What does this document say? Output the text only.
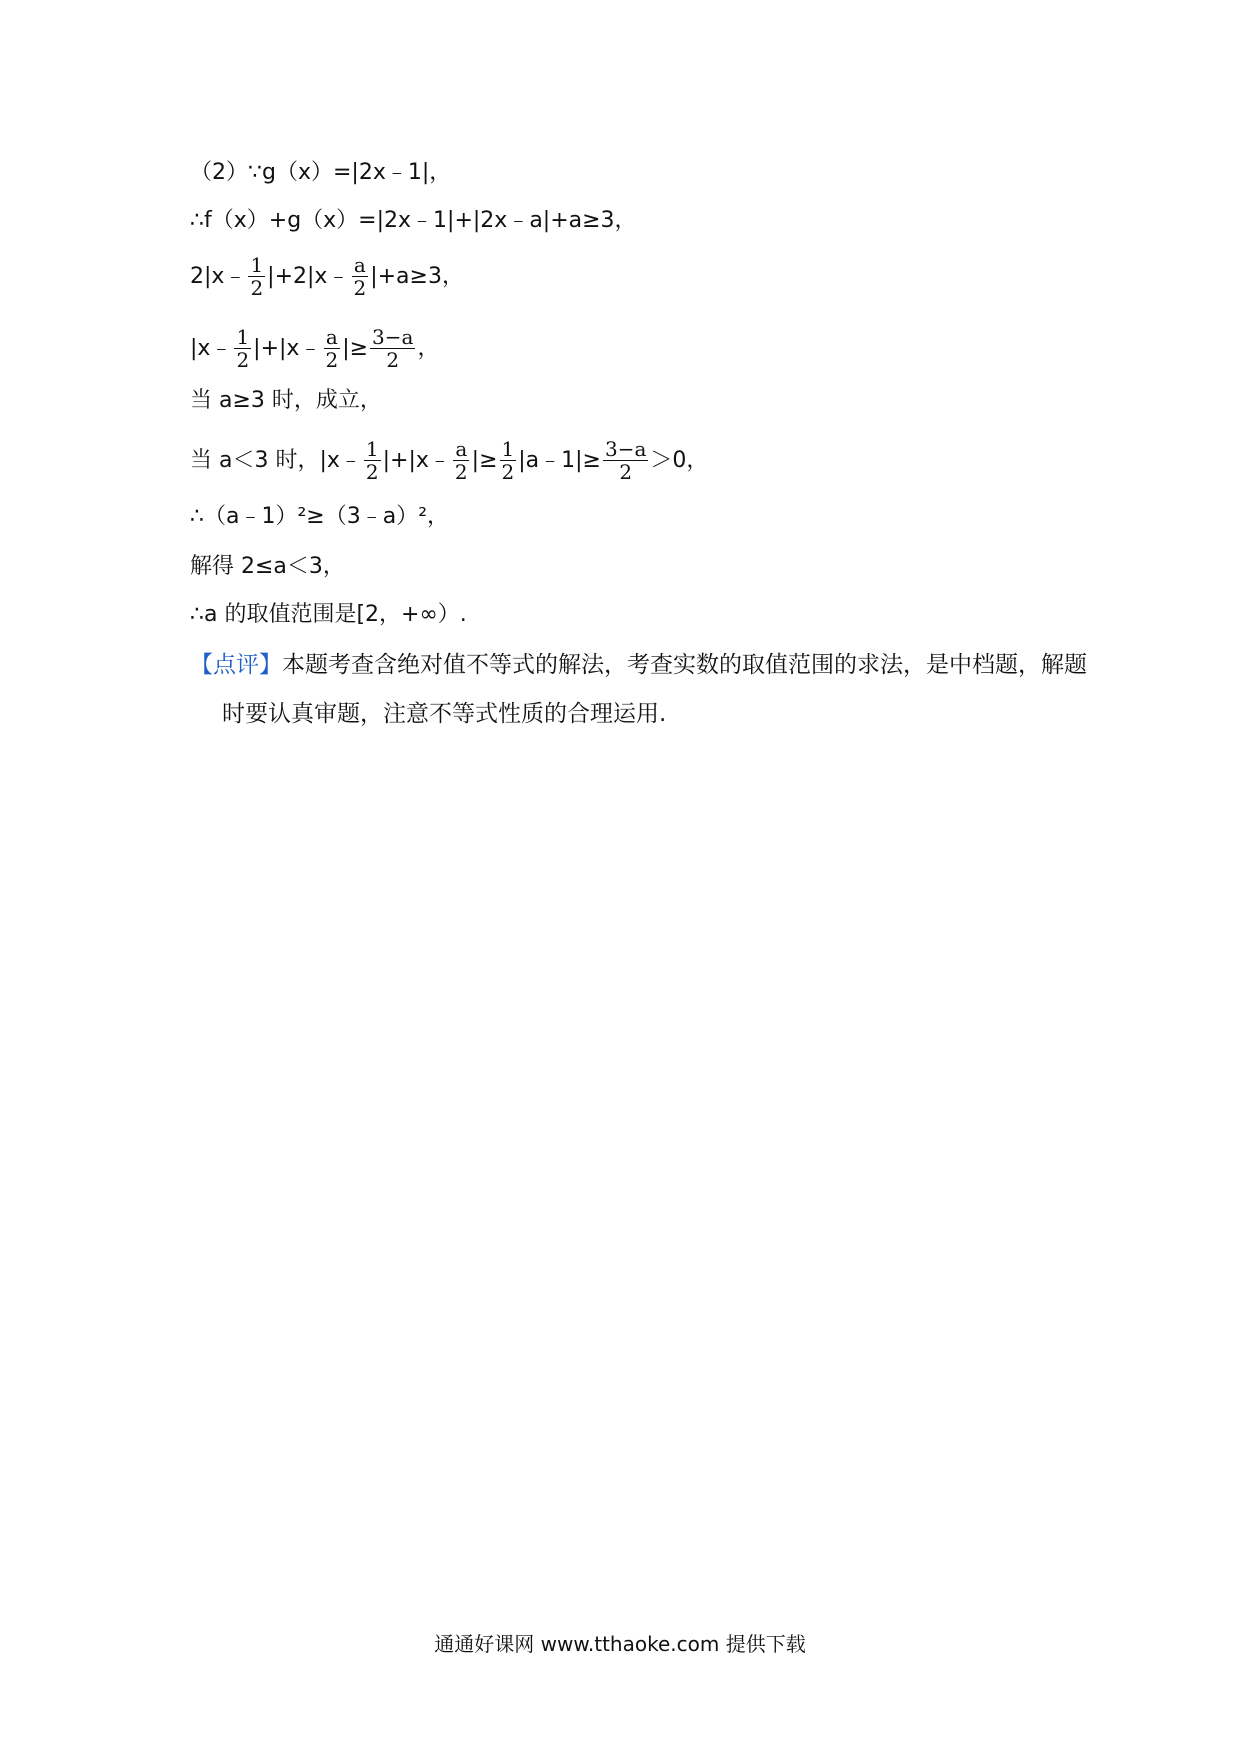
（2）∵g（x）=|2x﹣1|，
∴f（x）+g（x）=|2x﹣1|+|2x﹣a|+a≥3，
2|x﹣ $\frac{1}{2}$ |+2|x﹣ $\frac{a}{2} |+a\ge 3$，
|x﹣ $\frac{1}{2}$ |+|x﹣ $\frac{a}{2}$ |≥ $\frac{3-a}{2}$ ，
当 a≥3 时，成立，
当 a＜3 时，|x﹣ $\frac{1}{2}$ |+|x﹣ $\frac{a}{2}$ |≥ $\frac{1}{2}$ |a﹣1|≥ $\frac{3-a}{2} >0$，
∴（a﹣1）²≥（3﹣a）²，
解得 2≤a＜3，
∴a 的取值范围是[2，+∞）.
【点评】本题考查含绝对值不等式的解法，考查实数的取值范围的求法，是中档题，解题时要认真审题，注意不等式性质的合理运用.
通通好课网 www.tthaoke.com 提供下载
